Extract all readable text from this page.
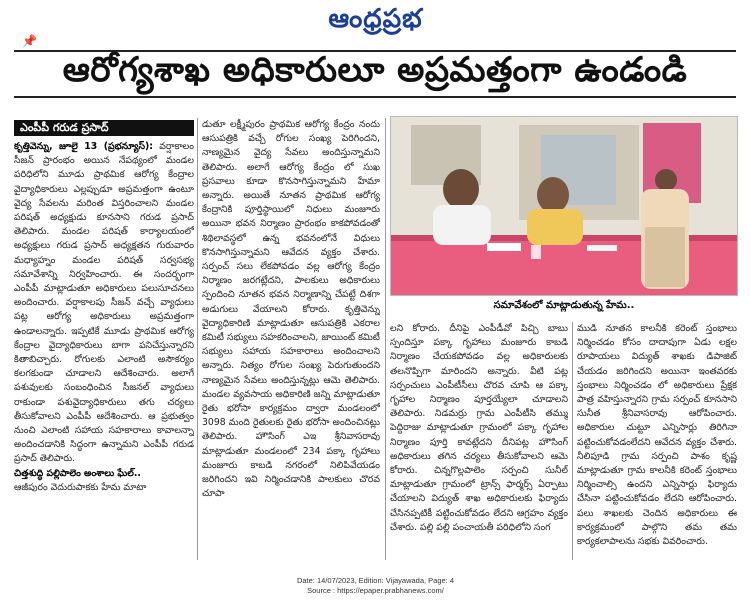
ఆంధ్రప్రభ
📌
ఆరోగ్యశాఖ అధికారులూ అప్రమత్తంగా ఉండండి
ఎంపీపీ గరుడ ప్రసాద్

కృత్తివెన్ను, జూలై 13 (ప్రభన్యూస్): వర్షాకాలం సీజన్ ప్రారంభం అయిన నేపథ్యంలో మండల పరిధిలోని మూడు ప్రాథమిక ఆరోగ్య కేంద్రాల వైద్యాధికారులు ఎల్లప్పుడూ అప్రమత్తంగా ఉంటూ వైద్య సేవలను మరింత విస్తరించాలని మండల పరిషత్ అధ్యక్షుడు కూనసాని గరుడ ప్రసాద్ తెలిపారు. మండల పరిషత్ కార్యాలయంలో అధ్యక్షులు గరుడ ప్రసాద్ అధ్యక్షతన గురువారం మధ్యాహ్నం మండల పరిషత్ సర్వసభ్య సమావేశాన్ని నిర్వహించారు. ఈ సందర్భంగా ఎంపీపీ మాట్లాడుతూ అధికారులు పలుసూచనలు అందించారు. వర్షాకాలపు సీజన్ వచ్చే వ్యాధులు పట్ల ఆరోగ్య అధికారులు అప్రమత్తంగా ఉండాలన్నారు. ఇప్పటికే మూడు ప్రాథమిక ఆరోగ్య కేంద్రాల వైద్యాధికారులు బాగా పనిచేస్తున్నారని కితాబిచ్చారు. రోగులకు ఎలాంటి అసౌకర్యం కలగకుండా చూడాలని ఆదేశించారు. అలాగే పశువులకు సంబంధించిన సీజనల్ వ్యాధులు రాకుండా పశువైద్యాధికారులు తగు చర్యలు తీసుకోవాలని ఎంపీపీ ఆదేశించారు. ఆ ప్రభుత్వం నుంచి ఎలాంటి సహాయ సహకారాలు కావాలన్నా అందించడానికి సిద్ధంగా ఉన్నామని ఎంపీపీ గరుడ ప్రసాద్ తెలిపారు.

చిత్తశుద్ధి పల్లిపాలెం అంశాలు ఘేల్..

ఆజీపురం వెదురుపాకకు హేమ మాటా

డుతూ లక్ష్మీపురం ప్రాథమిక ఆరోగ్య కేంద్రం నందు ఆసుపత్రికి వచ్చే రోగుల సంఖ్య పెరిగిందని, నాణ్యమైన వైద్య సేవలు అందిస్తున్నామని తెలిపారు. అలాగే ఆరోగ్య కేంద్రం లో సుఖ ప్రసవాలు కూడా కొనసాగిస్తున్నామని హేమా అన్నారు. అయితే నూతన ప్రాథమిక ఆరోగ్య కేంద్రానికి పూర్తిస్థాయిలో నిధులు మంజూరు అయినా భవన నిర్మాణం ప్రారంభం కాకపోవడంతో శిథిలావస్థలో ఉన్న భవనంలోనే విధులు కొనసాగిస్తున్నామని ఆవేదన వ్యక్తం చేశారు. సర్పంచ్ సలు లేకపోవడం వల్ల ఆరోగ్య కేంద్రం నిర్మాణం జరగట్లేదని, పాలకులు అధికారులు స్పందించి నూతన భవన నిర్మాణాన్ని చేపట్టే దిశగా అడుగులు వేయాలని కోరారు. కృత్తివెన్ను వైద్యాధికారిణి మాట్లాడుతూ ఆసుపత్రికి ఎకరాల కమిటీ సభ్యులు సహకరించాలని, జాయింట్ కమిటీ సభ్యులు సహాయ సహకారాలు అందించాలని అన్నారు. నిత్యం రోగుల సంఖ్య పెరుగుతుందని నాణ్యమైన సేవలు అందిస్తున్నట్లు ఆమె తెలిపారు. మండల వ్యవసాయ అధికారిణి జన్ని మాట్లాడుతూ రైతు భరోసా కార్యక్రమం ద్వారా మండలంలో 3098 మంది రైతులకు రైతు భరోసా అందించినట్లు తెలిపారు. హౌసింగ్ ఎఇ శ్రీనివాసరావు మాట్లాడుతూ మండలంలో 234 పక్కా గృహాలు మంజూరు కాబడి నగరంలో నిలిపివేయడం జరిగిందని ఇవి నిర్మించడానికి పాలకులు చొరవ చూపా

సమావేశంలో మాట్లాడుతున్న హేమ..

లని కోరారు. దీనిపై ఎంపీడీవో పిచ్చి బాబు స్పందిస్తూ పక్కా గృహాలు మంజూరు కాబడి నిర్మాణం చేయకపోవడం వల్ల అధికారులకు తలనొప్పిగా మారిందని అన్నారు. వీటి పట్ల సర్పంచులు ఎంపీటీసీలు చొరవ చూపి ఆ పక్కా గృహాల నిర్మాణం పూర్తయ్యేలా చూడాలని తెలిపారు. నిడమర్రు గ్రామ ఎంపీటీసి తమ్ము పెద్దిరాజు మాట్లాడుతూ గ్రామంలో పక్కా గృహాల నిర్మాణం పూర్తి కావట్లేదని దీనిపట్ల హౌసింగ్ అధికారులు తగిన చర్యలు తీసుకోవాలని ఆమె కోరారు. చిన్నగొల్లపాలెం సర్పంచి సునీల్ మాట్లాడుతూ గ్రామంలో ట్రాన్స్ ఫార్మర్స్ ఏర్పాటు చేయాలని విద్యుత్ శాఖ అధికారులకు ఫిర్యాదు చేసినప్పటికీ పట్టించుకోవడం లేదని ఆగ్రహం వ్యక్తం చేశారు. పల్లి పల్లి పంచాయతీ పరిధిలోని సంగ

ముడి నూతన కాలనీకి కరెంట్ స్తంభాలు నిర్మించడం కోసం దాదాపుగా ఏడు లక్షల రూపాయలు విద్యుత్ శాఖకు డిపాజిట్ చేయడం జరిగిందని అయినా ఇంతవరకు స్తంభాలు నిర్మించడం లో అధికారులు ప్రేక్షక పాత్ర వహిస్తున్నారని గ్రామ సర్పంచ్ కూనసాని సునీత శ్రీనివాసరావు ఆరోపించారు. అధికారుల చుట్టూ ఎన్నిసార్లు తిరిగినా పట్టించుకోవడంలేదని ఆవేదన వ్యక్తం చేశారు. నీలిపూడి గ్రామ సర్పంచి పాశం కృష్ణ మాట్లాడుతూ గ్రామ కాలనీకి కరెంట్ స్తంభాలు నిర్మించాల్సి ఉందని ఎన్నిసార్లు ఫిర్యాదు చేసినా పట్టించుకోవడం లేదని ఆరోపించారు. పలు శాఖలకు చెందిన అధికారులు ఈ కార్యక్రమంలో పాల్గొని తమ తమ కార్యకలాపాలను సభకు వివరించారు.

Date: 14/07/2023, Edition: Vijayawada, Page: 4
Source : https://epaper.prabhanews.com/
